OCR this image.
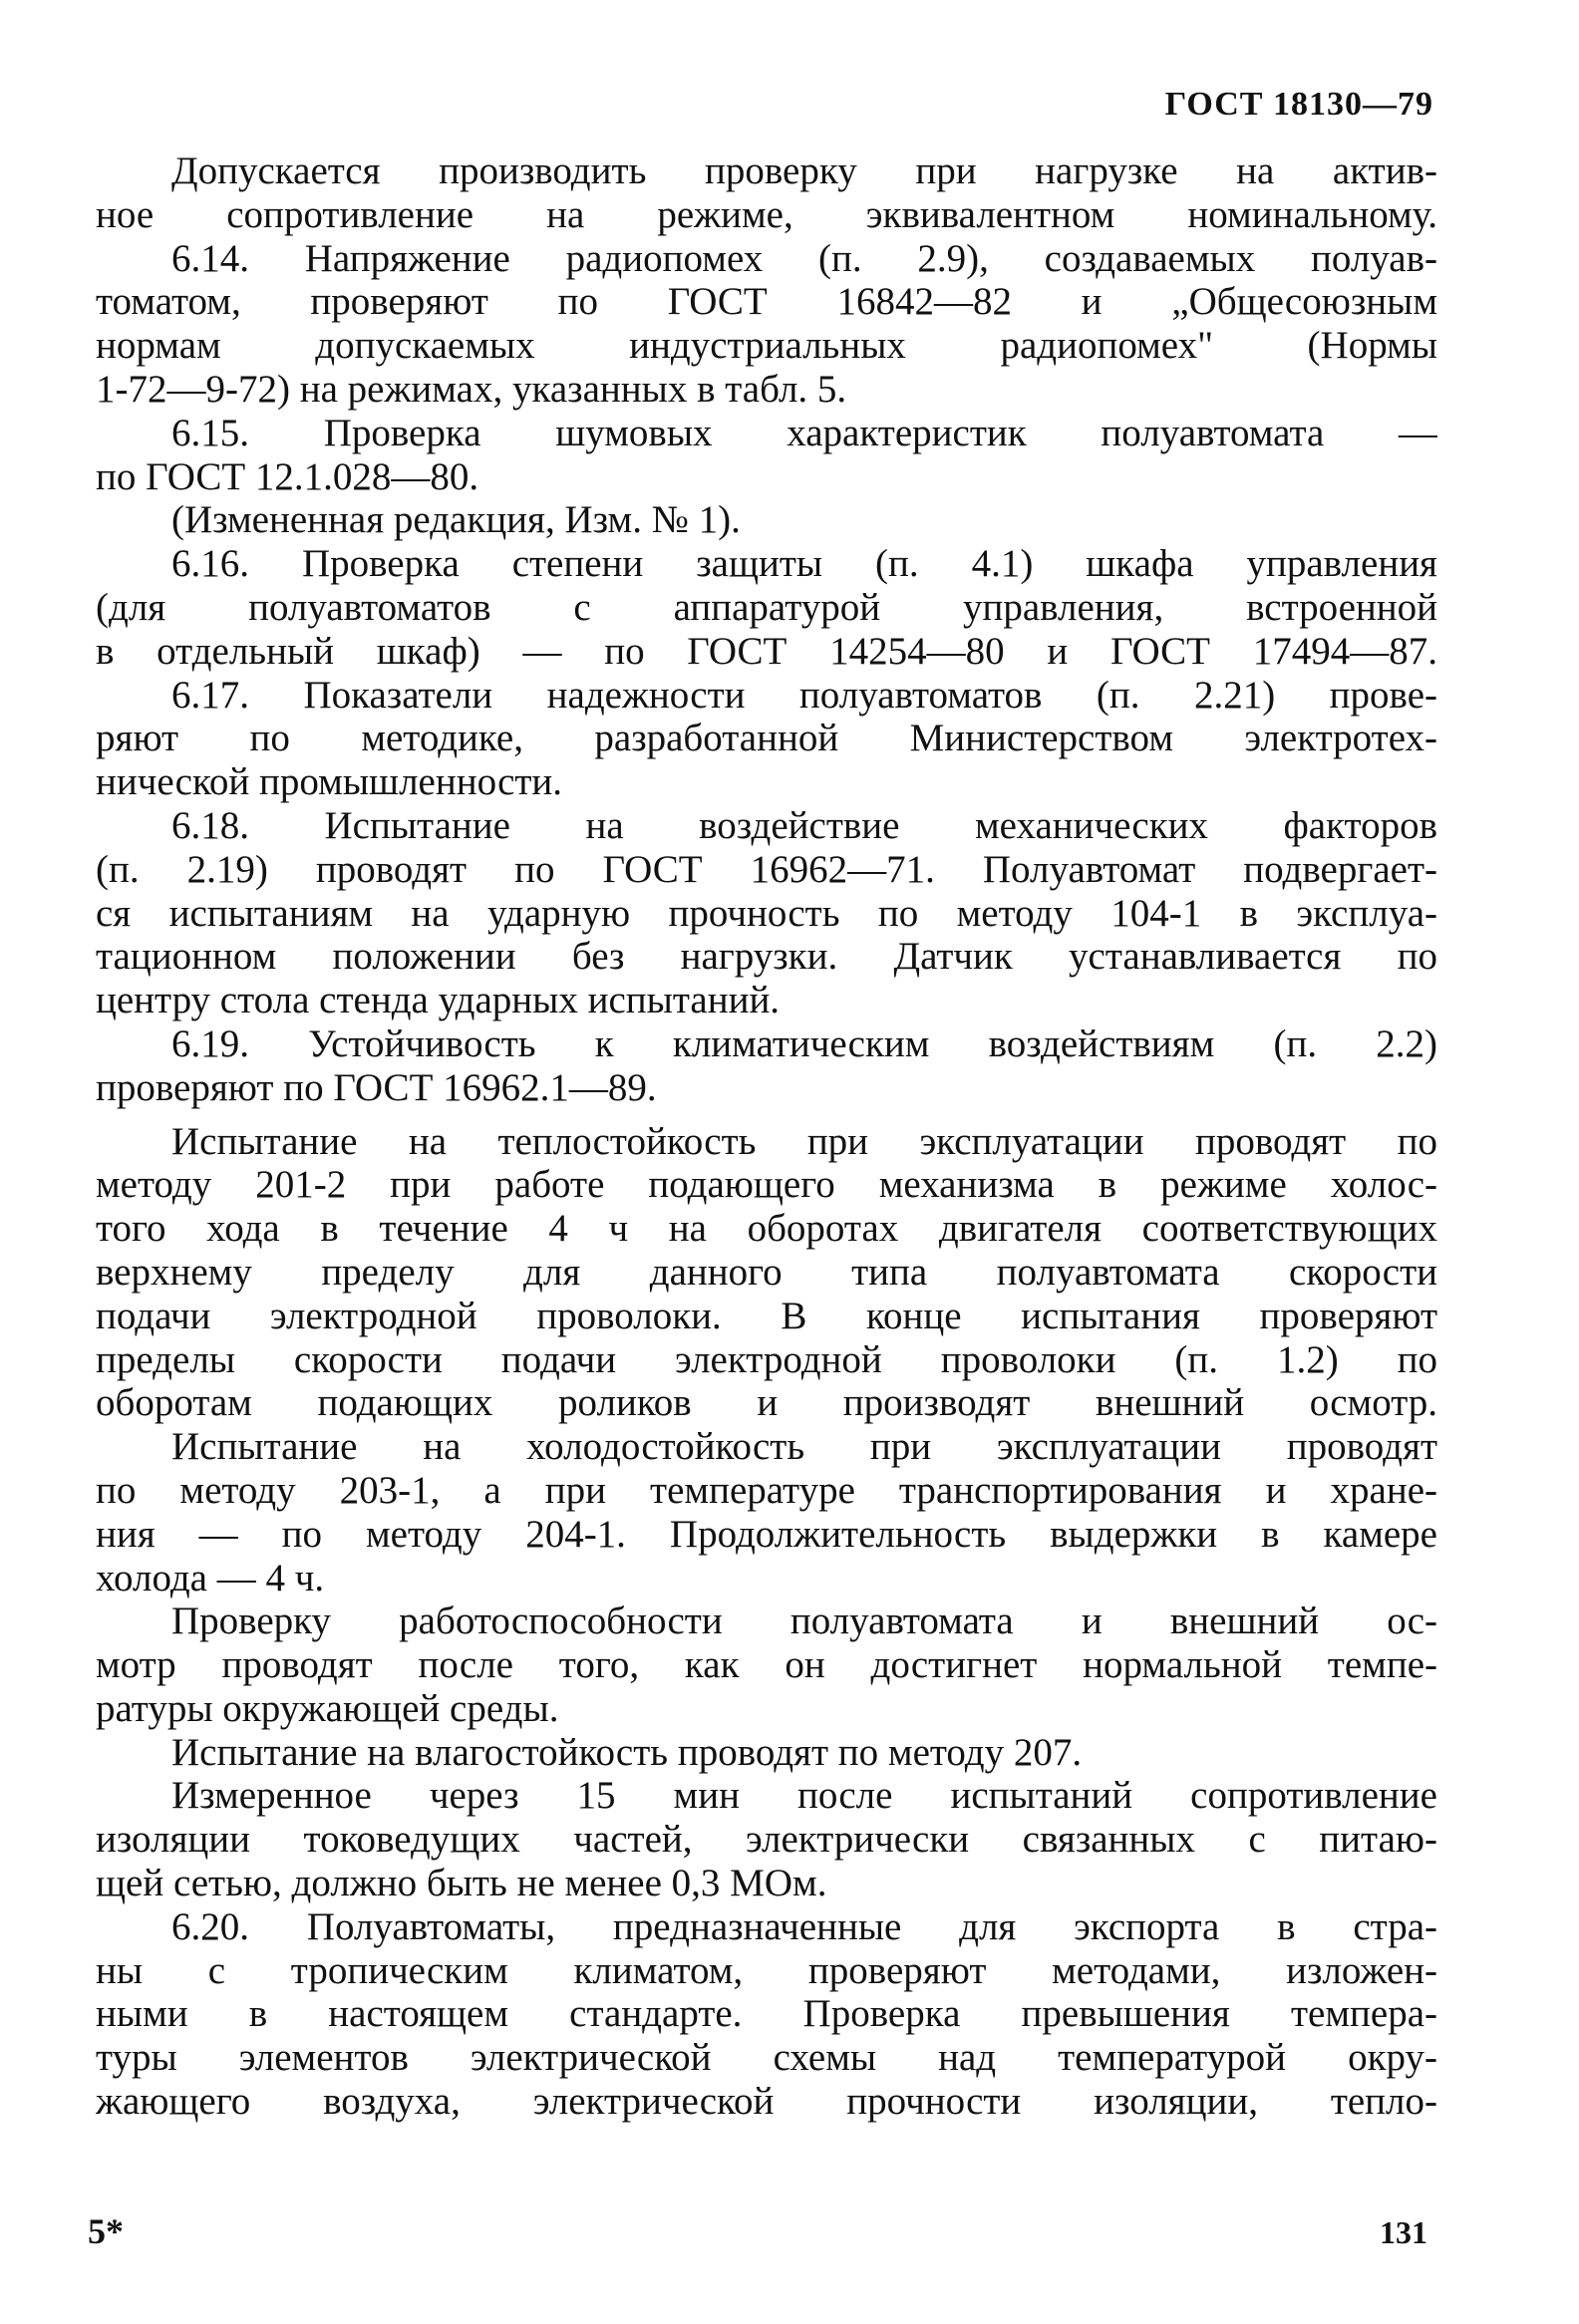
ГОСТ 18130—79
Допускается производить проверку при нагрузке на актив-
ное сопротивление на режиме, эквивалентном номинальному.
6.14. Напряжение радиопомех (п. 2.9), создаваемых полуав-
томатом, проверяют по ГОСТ 16842—82 и „Общесоюзным
нормам допускаемых индустриальных радиопомех" (Нормы
1-72—9-72) на режимах, указанных в табл. 5.
6.15. Проверка шумовых характеристик полуавтомата —
по ГОСТ 12.1.028—80.
(Измененная редакция, Изм. № 1).
6.16. Проверка степени защиты (п. 4.1) шкафа управления
(для полуавтоматов с аппаратурой управления, встроенной
в отдельный шкаф) — по ГОСТ 14254—80 и ГОСТ 17494—87.
6.17. Показатели надежности полуавтоматов (п. 2.21) прове-
ряют по методике, разработанной Министерством электротех-
нической промышленности.
6.18. Испытание на воздействие механических факторов
(п. 2.19) проводят по ГОСТ 16962—71. Полуавтомат подвергает-
ся испытаниям на ударную прочность по методу 104-1 в эксплуа-
тационном положении без нагрузки. Датчик устанавливается по
центру стола стенда ударных испытаний.
6.19. Устойчивость к климатическим воздействиям (п. 2.2)
проверяют по ГОСТ 16962.1—89.
Испытание на теплостойкость при эксплуатации проводят по
методу 201-2 при работе подающего механизма в режиме холос-
того хода в течение 4 ч на оборотах двигателя соответствующих
верхнему пределу для данного типа полуавтомата скорости
подачи электродной проволоки. В конце испытания проверяют
пределы скорости подачи электродной проволоки (п. 1.2) по
оборотам подающих роликов и производят внешний осмотр.
Испытание на холодостойкость при эксплуатации проводят
по методу 203-1, а при температуре транспортирования и хране-
ния — по методу 204-1. Продолжительность выдержки в камере
холода — 4 ч.
Проверку работоспособности полуавтомата и внешний ос-
мотр проводят после того, как он достигнет нормальной темпе-
ратуры окружающей среды.
Испытание на влагостойкость проводят по методу 207.
Измеренное через 15 мин после испытаний сопротивление
изоляции токоведущих частей, электрически связанных с питаю-
щей сетью, должно быть не менее 0,3 МОм.
6.20. Полуавтоматы, предназначенные для экспорта в стра-
ны с тропическим климатом, проверяют методами, изложен-
ными в настоящем стандарте. Проверка превышения темпера-
туры элементов электрической схемы над температурой окру-
жающего воздуха, электрической прочности изоляции, тепло-
5*	131
